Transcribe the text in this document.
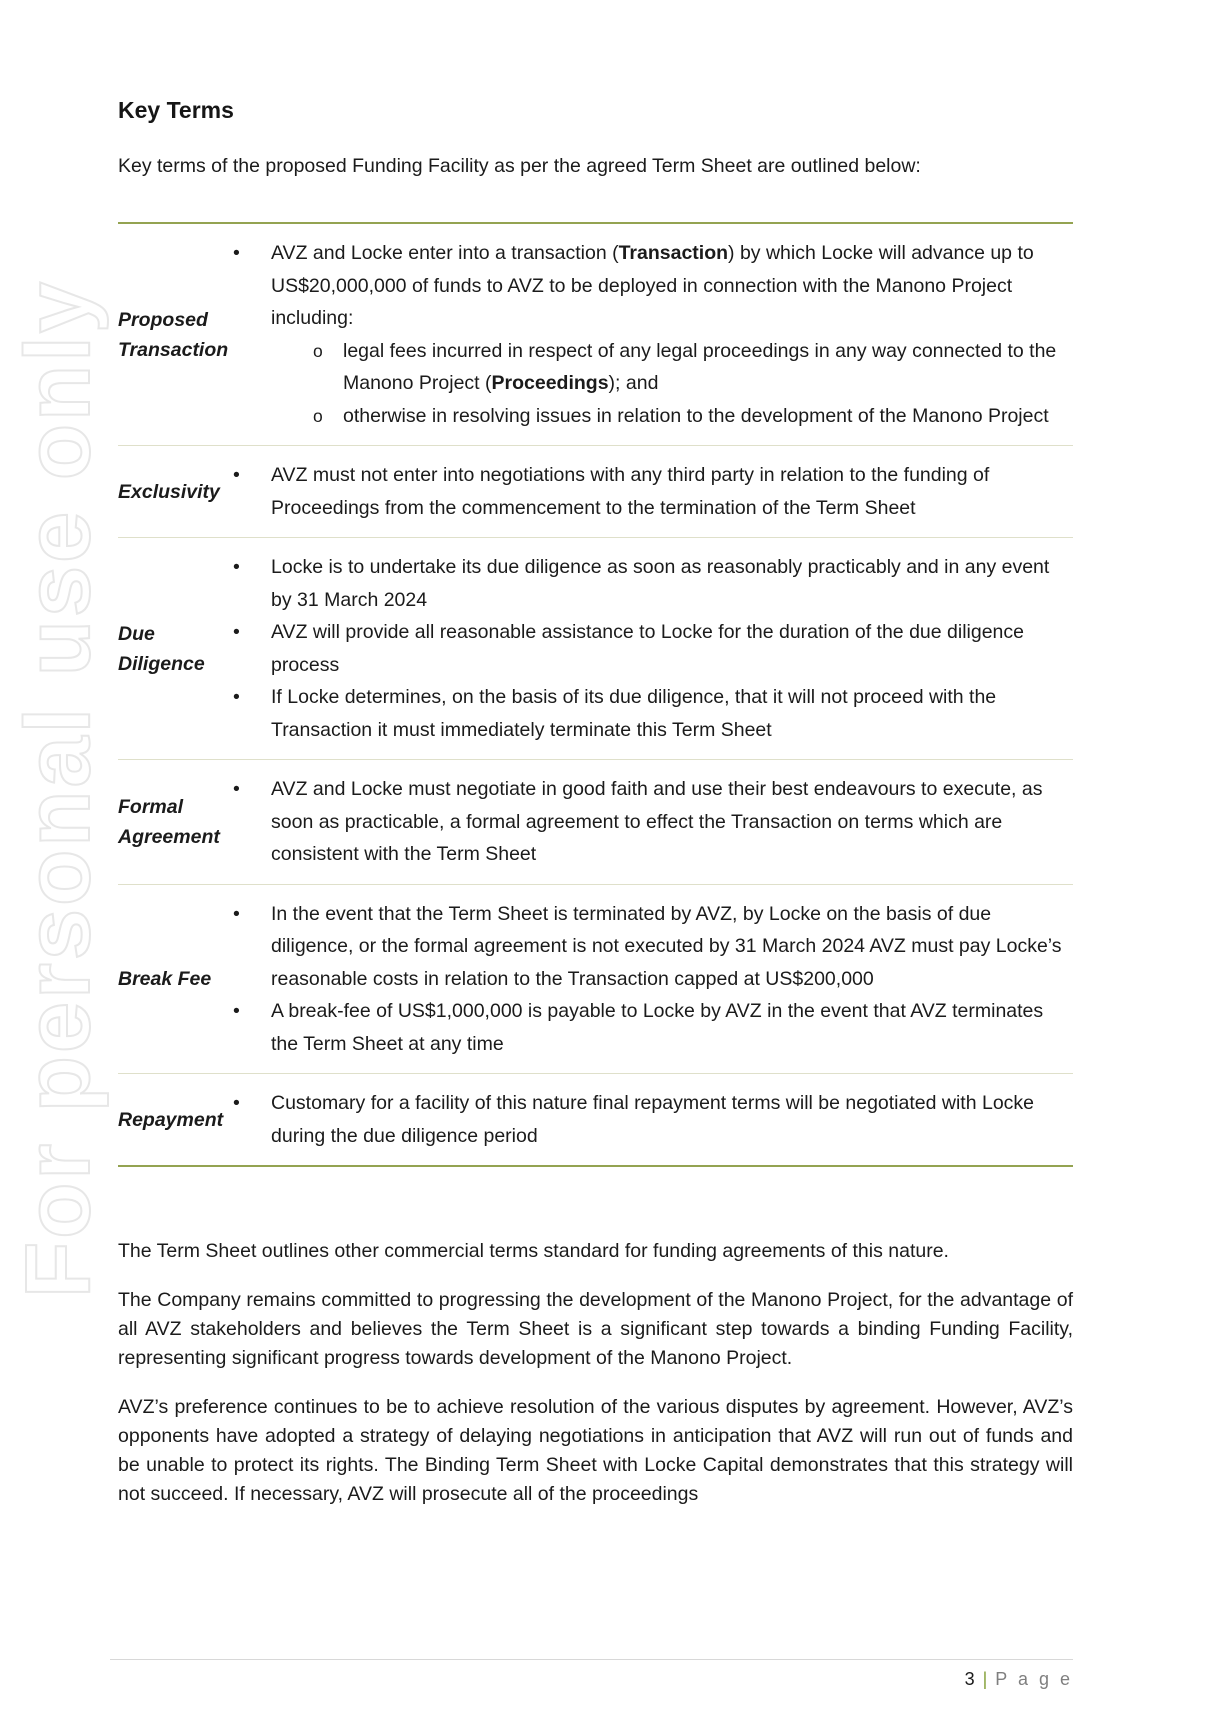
For personal use only
Key Terms

Key terms of the proposed Funding Facility as per the agreed Term Sheet are outlined below:

Proposed Transaction
•	AVZ and Locke enter into a transaction (Transaction) by which Locke will advance up to US$20,000,000 of funds to AVZ to be deployed in connection with the Manono Project including:
o	legal fees incurred in respect of any legal proceedings in any way connected to the Manono Project (Proceedings); and
o	otherwise in resolving issues in relation to the development of the Manono Project
Exclusivity
•	AVZ must not enter into negotiations with any third party in relation to the funding of Proceedings from the commencement to the termination of the Term Sheet
Due Diligence
•	Locke is to undertake its due diligence as soon as reasonably practicably and in any event by 31 March 2024
•	AVZ will provide all reasonable assistance to Locke for the duration of the due diligence process
•	If Locke determines, on the basis of its due diligence, that it will not proceed with the Transaction it must immediately terminate this Term Sheet
Formal Agreement
•	AVZ and Locke must negotiate in good faith and use their best endeavours to execute, as soon as practicable, a formal agreement to effect the Transaction on terms which are consistent with the Term Sheet
Break Fee
•	In the event that the Term Sheet is terminated by AVZ, by Locke on the basis of due diligence, or the formal agreement is not executed by 31 March 2024 AVZ must pay Locke’s reasonable costs in relation to the Transaction capped at US$200,000
•	A break-fee of US$1,000,000 is payable to Locke by AVZ in the event that AVZ terminates the Term Sheet at any time
Repayment
•	Customary for a facility of this nature final repayment terms will be negotiated with Locke during the due diligence period
The Term Sheet outlines other commercial terms standard for funding agreements of this nature.
The Company remains committed to progressing the development of the Manono Project, for the advantage of all AVZ stakeholders and believes the Term Sheet is a significant step towards a binding Funding Facility, representing significant progress towards development of the Manono Project.
AVZ’s preference continues to be to achieve resolution of the various disputes by agreement. However, AVZ’s opponents have adopted a strategy of delaying negotiations in anticipation that AVZ will run out of funds and be unable to protect its rights. The Binding Term Sheet with Locke Capital demonstrates that this strategy will not succeed. If necessary, AVZ will prosecute all of the proceedings
3 | P a g e
